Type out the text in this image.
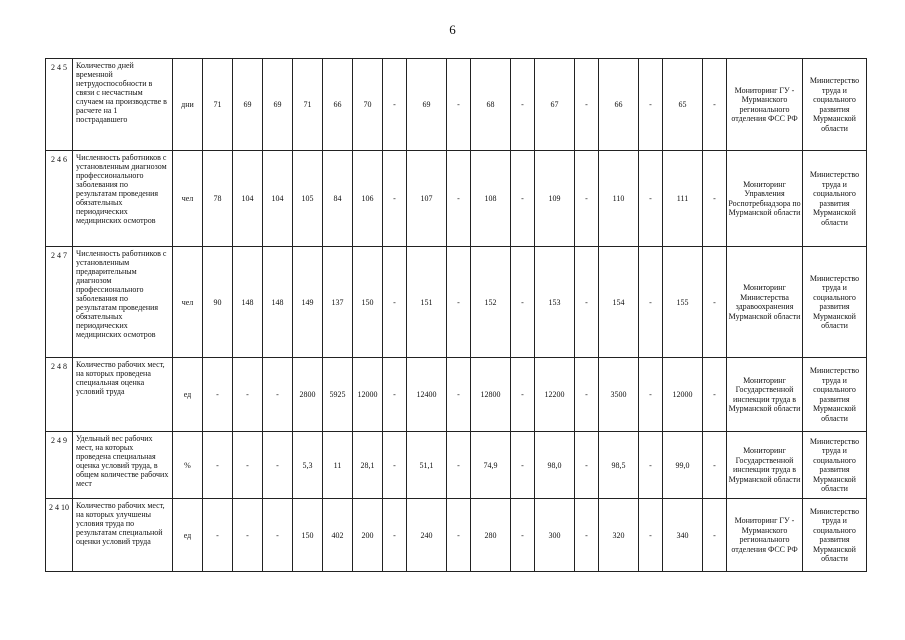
6
2 4 5	Количество дней временной нетрудоспособности в связи с несчастным случаем на производстве в расчете на 1 пострадавшего	дни	71	69	69	71	66	70	-	69	-	68	-	67	-	66	-	65	-	Мониторинг ГУ - Мурманского регионального отделения ФСС РФ	Министерство труда и социального развития Мурманской области
2 4 6	Численность работников с установленным диагнозом профессионального заболевания по результатам проведения обязательных периодических медицинских осмотров	чел	78	104	104	105	84	106	-	107	-	108	-	109	-	110	-	111	-	Мониторинг Управления Роспотребнадзора по Мурманской области	Министерство труда и социального развития Мурманской области
2 4 7	Численность работников с установленным предварительным диагнозом профессионального заболевания по результатам проведения обязательных периодических медицинских осмотров	чел	90	148	148	149	137	150	-	151	-	152	-	153	-	154	-	155	-	Мониторинг Министерства здравоохранения Мурманской области	Министерство труда и социального развития Мурманской области
2 4 8	Количество рабочих мест, на которых проведена специальная оценка условий труда	ед	-	-	-	2800	5925	12000	-	12400	-	12800	-	12200	-	3500	-	12000	-	Мониторинг Государственной инспекции труда в Мурманской области	Министерство труда и социального развития Мурманской области
2 4 9	Удельный вес рабочих мест, на которых проведена специальная оценка условий труда, в общем количестве рабочих мест	%	-	-	-	5,3	11	28,1	-	51,1	-	74,9	-	98,0	-	98,5	-	99,0	-	Мониторинг Государственной инспекции труда в Мурманской области	Министерство труда и социального развития Мурманской области
2 4 10	Количество рабочих мест, на которых улучшены условия труда по результатам специальной оценки условий труда	ед	-	-	-	150	402	200	-	240	-	280	-	300	-	320	-	340	-	Мониторинг ГУ - Мурманского регионального отделения ФСС РФ	Министерство труда и социального развития Мурманской области
